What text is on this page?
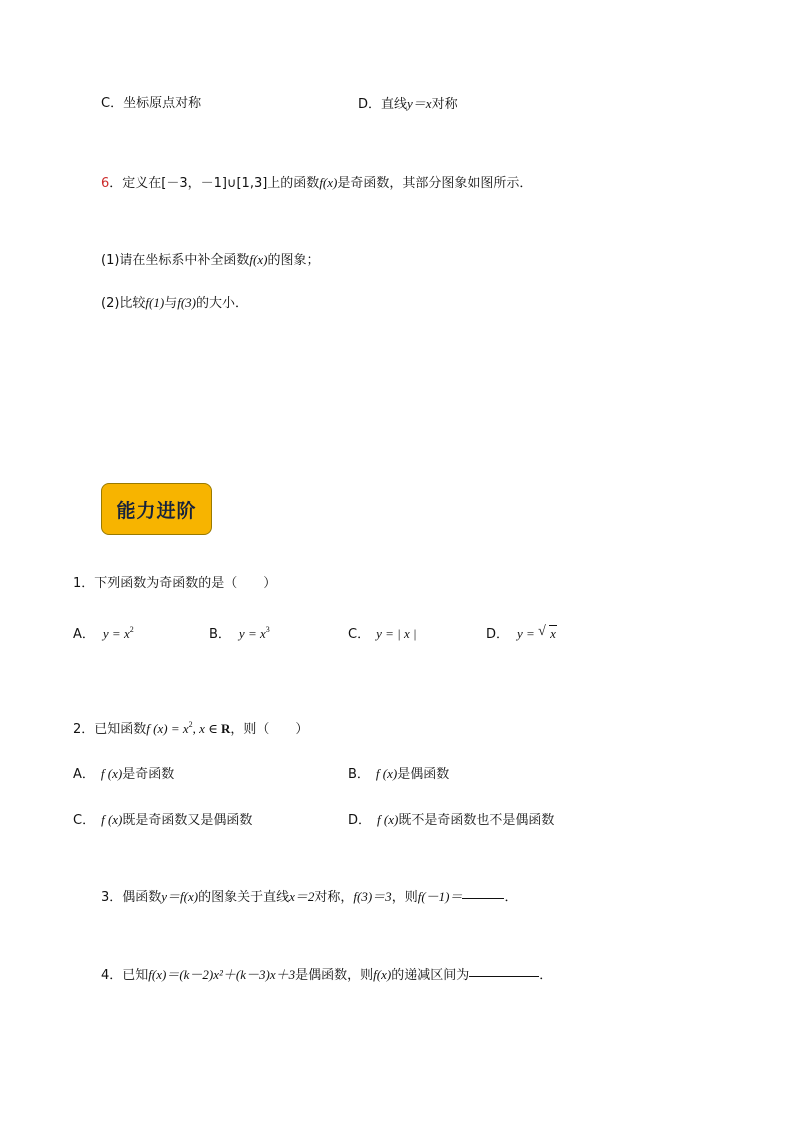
C．坐标原点对称	D．直线y＝x对称
6．定义在[－3，－1]∪[1,3]上的函数f(x)是奇函数，其部分图象如图所示．
(1)请在坐标系中补全函数f(x)的图象；
(2)比较f(1)与f(3)的大小．
能力进阶
1．下列函数为奇函数的是（　　）
A． $y = x^2$	B． $y = x^3$	C． y = | x |	D． y = √ x
2．已知函数f $(x) = x^2$, x ∈ R，则（　　）
A． f (x)是奇函数	B． f (x)是偶函数
C． f (x)既是奇函数又是偶函数	D． f (x)既不是奇函数也不是偶函数
3．偶函数y＝f(x)的图象关于直线x＝2对称，f(3)＝3，则f(－1)＝	．
4．已知f(x)＝(k－2)x²＋(k－3)x＋3是偶函数，则f(x)的递减区间为	．
